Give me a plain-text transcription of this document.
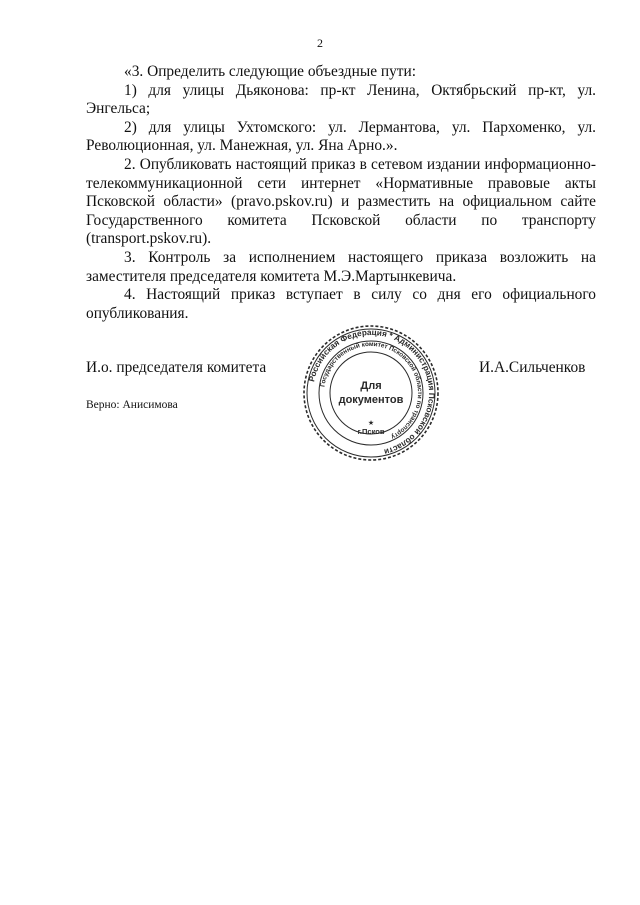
2

«3. Определить следующие объездные пути:

1) для улицы Дьяконова: пр-кт Ленина, Октябрьский пр-кт, ул. Энгельса;

2) для улицы Ухтомского: ул. Лермантова, ул. Пархоменко, ул. Революционная, ул. Манежная, ул. Яна Арно.».

2. Опубликовать настоящий приказ в сетевом издании информационно-телекоммуникационной сети интернет «Нормативные правовые акты Псковской области» (pravo.pskov.ru) и разместить на официальном сайте Государственного комитета Псковской области по транспорту (transport.pskov.ru).

3. Контроль за исполнением настоящего приказа возложить на заместителя председателя комитета М.Э.Мартынкевича.

4. Настоящий приказ вступает в силу со дня его официального опубликования.

И.о. председателя комитета	И.А.Сильченков
Верно: Анисимова
Российская Федерация * Администрация Псковской области
Государственный комитет Псковской области по транспорту
Для
документов
★
г.Псков
